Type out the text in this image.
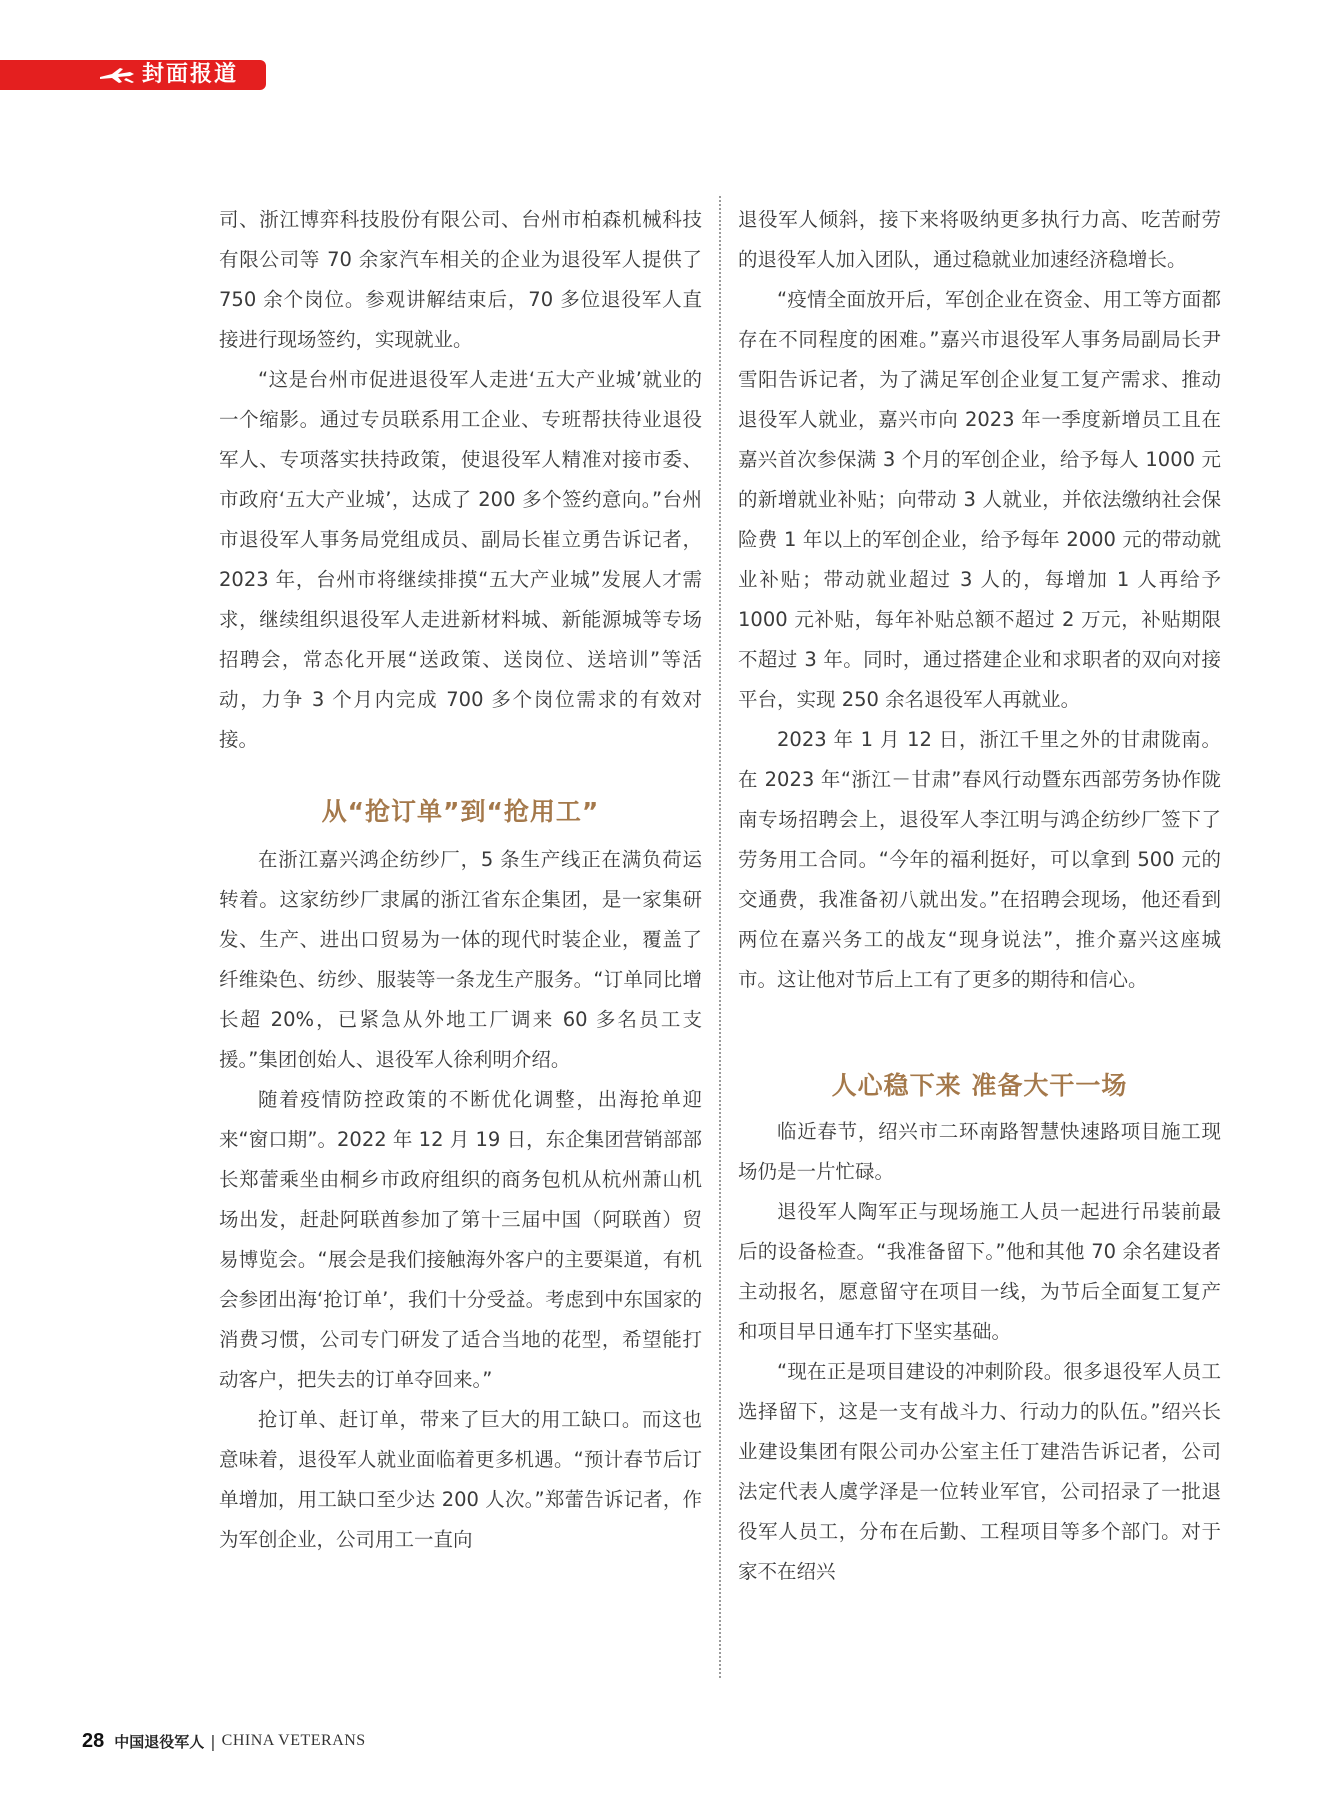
封面报道

司、浙江博弈科技股份有限公司、台州市柏森机械科技有限公司等 70 余家汽车相关的企业为退役军人提供了 750 余个岗位。参观讲解结束后，70 多位退役军人直接进行现场签约，实现就业。

“这是台州市促进退役军人走进‘五大产业城’就业的一个缩影。通过专员联系用工企业、专班帮扶待业退役军人、专项落实扶持政策，使退役军人精准对接市委、市政府‘五大产业城’，达成了 200 多个签约意向。”台州市退役军人事务局党组成员、副局长崔立勇告诉记者，2023 年，台州市将继续排摸“五大产业城”发展人才需求，继续组织退役军人走进新材料城、新能源城等专场招聘会，常态化开展“送政策、送岗位、送培训”等活动，力争 3 个月内完成 700 多个岗位需求的有效对接。

从“抢订单”到“抢用工”

在浙江嘉兴鸿企纺纱厂，5 条生产线正在满负荷运转着。这家纺纱厂隶属的浙江省东企集团，是一家集研发、生产、进出口贸易为一体的现代时装企业，覆盖了纤维染色、纺纱、服装等一条龙生产服务。“订单同比增长超 20%，已紧急从外地工厂调来 60 多名员工支援。”集团创始人、退役军人徐利明介绍。

随着疫情防控政策的不断优化调整，出海抢单迎来“窗口期”。2022 年 12 月 19 日，东企集团营销部部长郑蕾乘坐由桐乡市政府组织的商务包机从杭州萧山机场出发，赶赴阿联酋参加了第十三届中国（阿联酋）贸易博览会。“展会是我们接触海外客户的主要渠道，有机会参团出海‘抢订单’，我们十分受益。考虑到中东国家的消费习惯，公司专门研发了适合当地的花型，希望能打动客户，把失去的订单夺回来。”

抢订单、赶订单，带来了巨大的用工缺口。而这也意味着，退役军人就业面临着更多机遇。“预计春节后订单增加，用工缺口至少达 200 人次。”郑蕾告诉记者，作为军创企业，公司用工一直向

退役军人倾斜，接下来将吸纳更多执行力高、吃苦耐劳的退役军人加入团队，通过稳就业加速经济稳增长。

“疫情全面放开后，军创企业在资金、用工等方面都存在不同程度的困难。”嘉兴市退役军人事务局副局长尹雪阳告诉记者，为了满足军创企业复工复产需求、推动退役军人就业，嘉兴市向 2023 年一季度新增员工且在嘉兴首次参保满 3 个月的军创企业，给予每人 1000 元的新增就业补贴；向带动 3 人就业，并依法缴纳社会保险费 1 年以上的军创企业，给予每年 2000 元的带动就业补贴；带动就业超过 3 人的，每增加 1 人再给予 1000 元补贴，每年补贴总额不超过 2 万元，补贴期限不超过 3 年。同时，通过搭建企业和求职者的双向对接平台，实现 250 余名退役军人再就业。

2023 年 1 月 12 日，浙江千里之外的甘肃陇南。在 2023 年“浙江－甘肃”春风行动暨东西部劳务协作陇南专场招聘会上，退役军人李江明与鸿企纺纱厂签下了劳务用工合同。“今年的福利挺好，可以拿到 500 元的交通费，我准备初八就出发。”在招聘会现场，他还看到两位在嘉兴务工的战友“现身说法”，推介嘉兴这座城市。这让他对节后上工有了更多的期待和信心。

人心稳下来 准备大干一场

临近春节，绍兴市二环南路智慧快速路项目施工现场仍是一片忙碌。

退役军人陶军正与现场施工人员一起进行吊装前最后的设备检查。“我准备留下。”他和其他 70 余名建设者主动报名，愿意留守在项目一线，为节后全面复工复产和项目早日通车打下坚实基础。

“现在正是项目建设的冲刺阶段。很多退役军人员工选择留下，这是一支有战斗力、行动力的队伍。”绍兴长业建设集团有限公司办公室主任丁建浩告诉记者，公司法定代表人虞学泽是一位转业军官，公司招录了一批退役军人员工，分布在后勤、工程项目等多个部门。对于家不在绍兴

28 中国退役军人 | CHINA VETERANS
